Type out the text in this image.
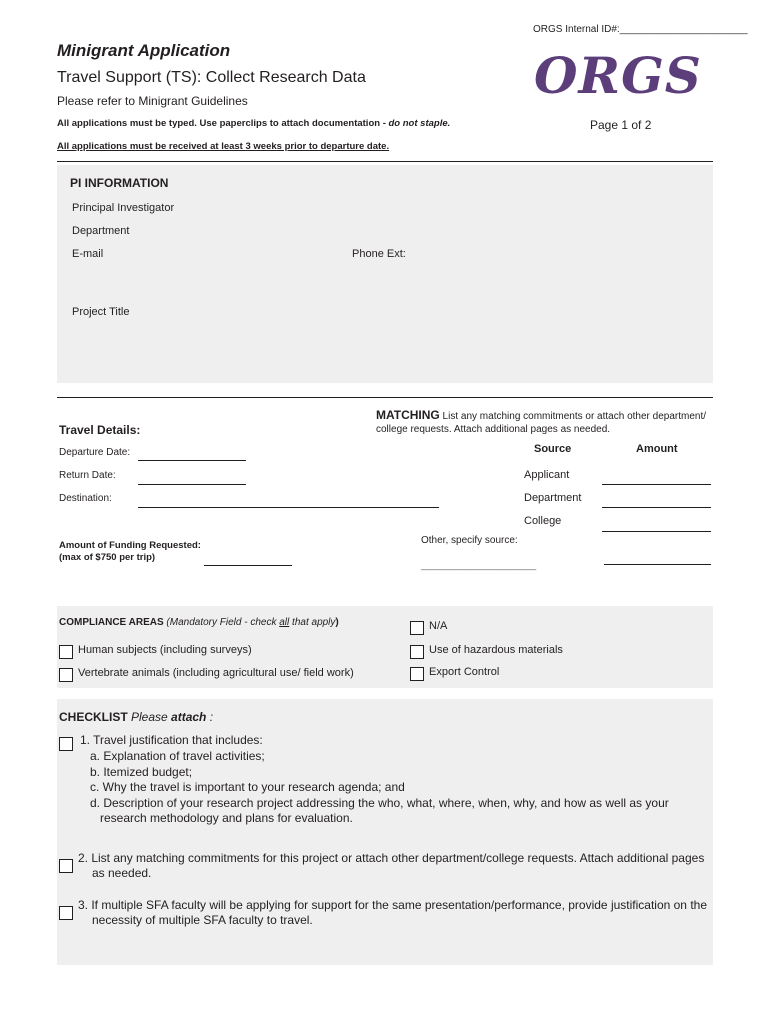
ORGS Internal ID#:_______________________
Minigrant Application
Travel Support (TS): Collect Research Data
Please refer to Minigrant Guidelines
All applications must be typed. Use paperclips to attach documentation - do not staple.
All applications must be received at least 3 weeks prior to departure date.
ORGS
Page 1 of 2
PI INFORMATION
Principal Investigator
Department
E-mail	Phone Ext:
Project Title
Travel Details:
Departure Date:
Return Date:
Destination:
Amount of Funding Requested:
(max of $750 per trip)
MATCHING List any matching commitments or attach other department/
college requests. Attach additional pages as needed.
Source	Amount
Applicant
Department
College
Other, specify source:
_______________________
COMPLIANCE AREAS (Mandatory Field - check all that apply)	N/A
Human subjects (including surveys)	Use of hazardous materials
Vertebrate animals (including agricultural use/ field work)	Export Control
CHECKLIST Please attach :
1. Travel justification that includes:
a. Explanation of travel activities;
b. Itemized budget;
c. Why the travel is important to your research agenda; and
d. Description of your research project addressing the who, what, where, when, why, and how as well as your
research methodology and plans for evaluation.
2. List any matching commitments for this project or attach other department/college requests. Attach additional pages
as needed.
3. If multiple SFA faculty will be applying for support for the same presentation/performance, provide justification on the
necessity of multiple SFA faculty to travel.
